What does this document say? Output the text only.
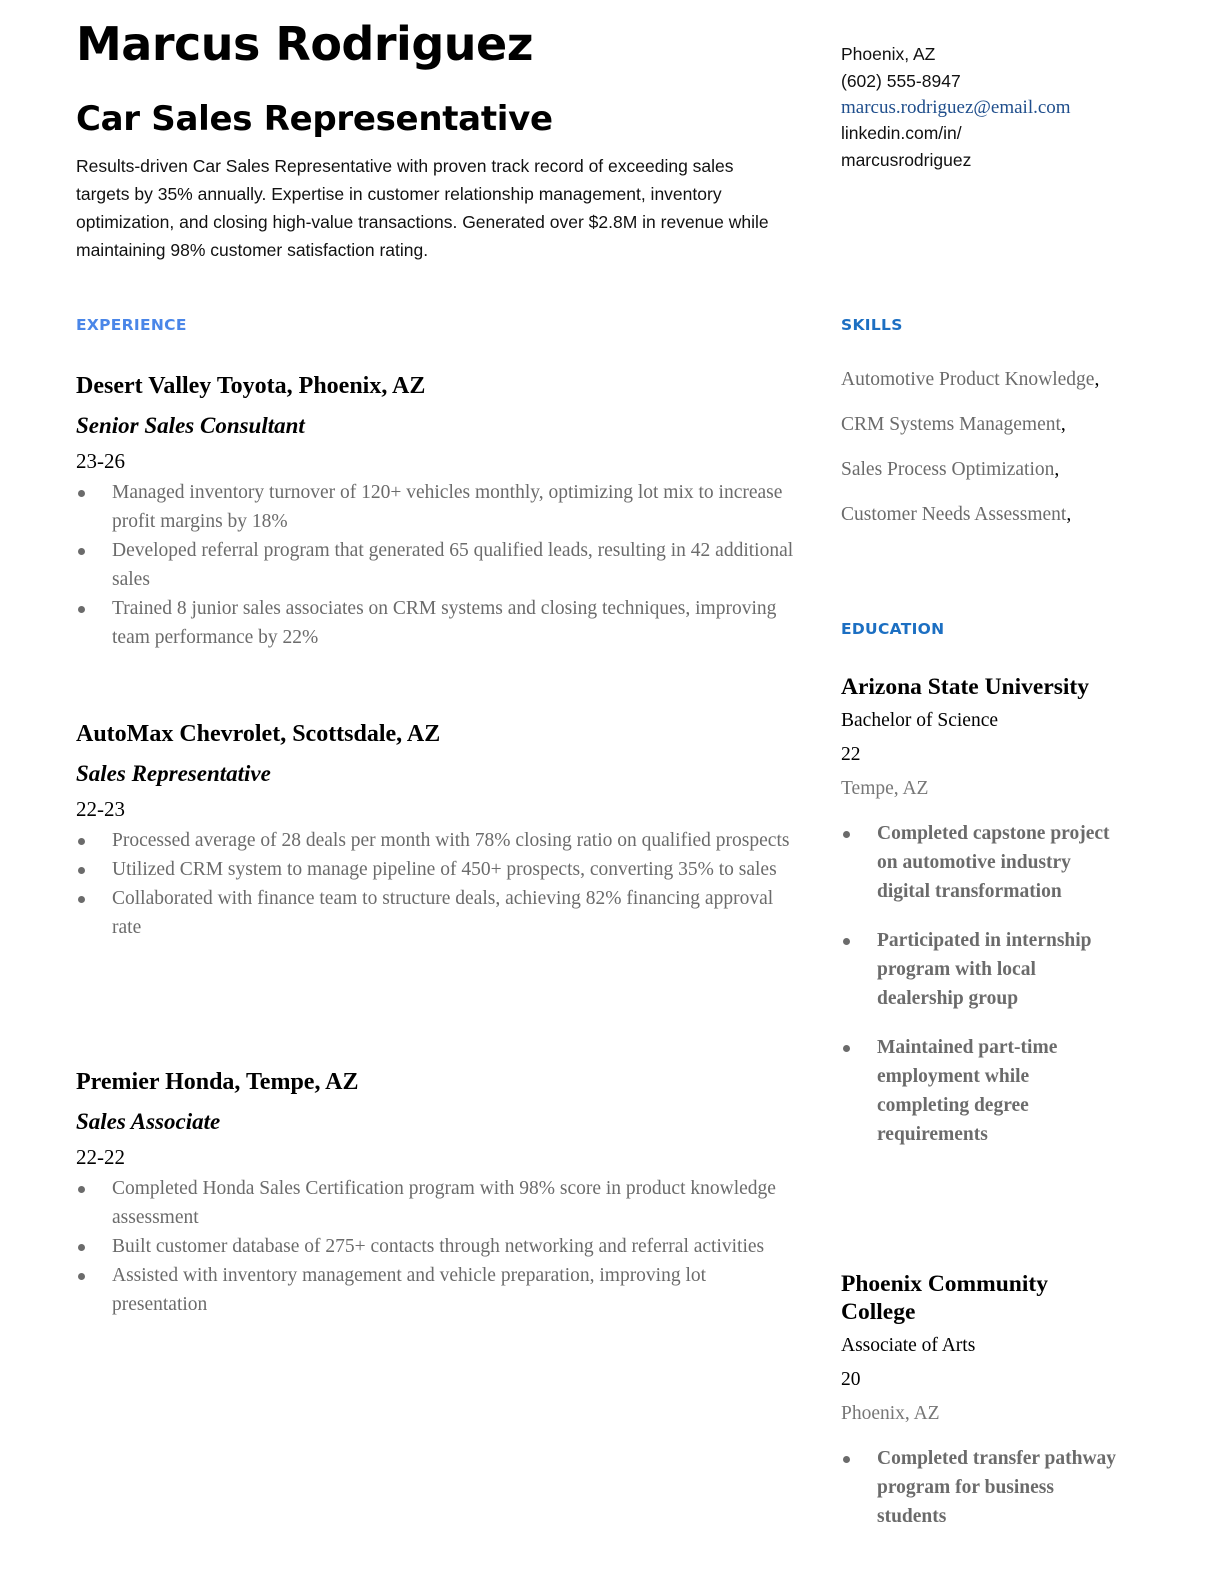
Marcus Rodriguez
Car Sales Representative

Results-driven Car Sales Representative with proven track record of exceeding sales targets by 35% annually. Expertise in customer relationship management, inventory optimization, and closing high-value transactions. Generated over $2.8M in revenue while maintaining 98% customer satisfaction rating.

Phoenix, AZ
(602) 555-8947
marcus.rodriguez@email.com
linkedin.com/in/
marcusrodriguez
EXPERIENCE	SKILLS
EDUCATION

Desert Valley Toyota, Phoenix, AZ

Senior Sales Consultant

23-26

Managed inventory turnover of 120+ vehicles monthly, optimizing lot mix to increase profit margins by 18%
Developed referral program that generated 65 qualified leads, resulting in 42 additional sales
Trained 8 junior sales associates on CRM systems and closing techniques, improving team performance by 22%

AutoMax Chevrolet, Scottsdale, AZ

Sales Representative

22-23

Processed average of 28 deals per month with 78% closing ratio on qualified prospects
Utilized CRM system to manage pipeline of 450+ prospects, converting 35% to sales
Collaborated with finance team to structure deals, achieving 82% financing approval rate

Premier Honda, Tempe, AZ

Sales Associate

22-22

Completed Honda Sales Certification program with 98% score in product knowledge assessment
Built customer database of 275+ contacts through networking and referral activities
Assisted with inventory management and vehicle preparation, improving lot presentation

Automotive Product Knowledge,

CRM Systems Management,

Sales Process Optimization,

Customer Needs Assessment,

Arizona State University

Bachelor of Science

22

Tempe, AZ

Completed capstone project on automotive industry digital transformation
Participated in internship program with local dealership group
Maintained part-time employment while completing degree requirements

Phoenix Community College

Associate of Arts

20

Phoenix, AZ

Completed transfer pathway program for business students
